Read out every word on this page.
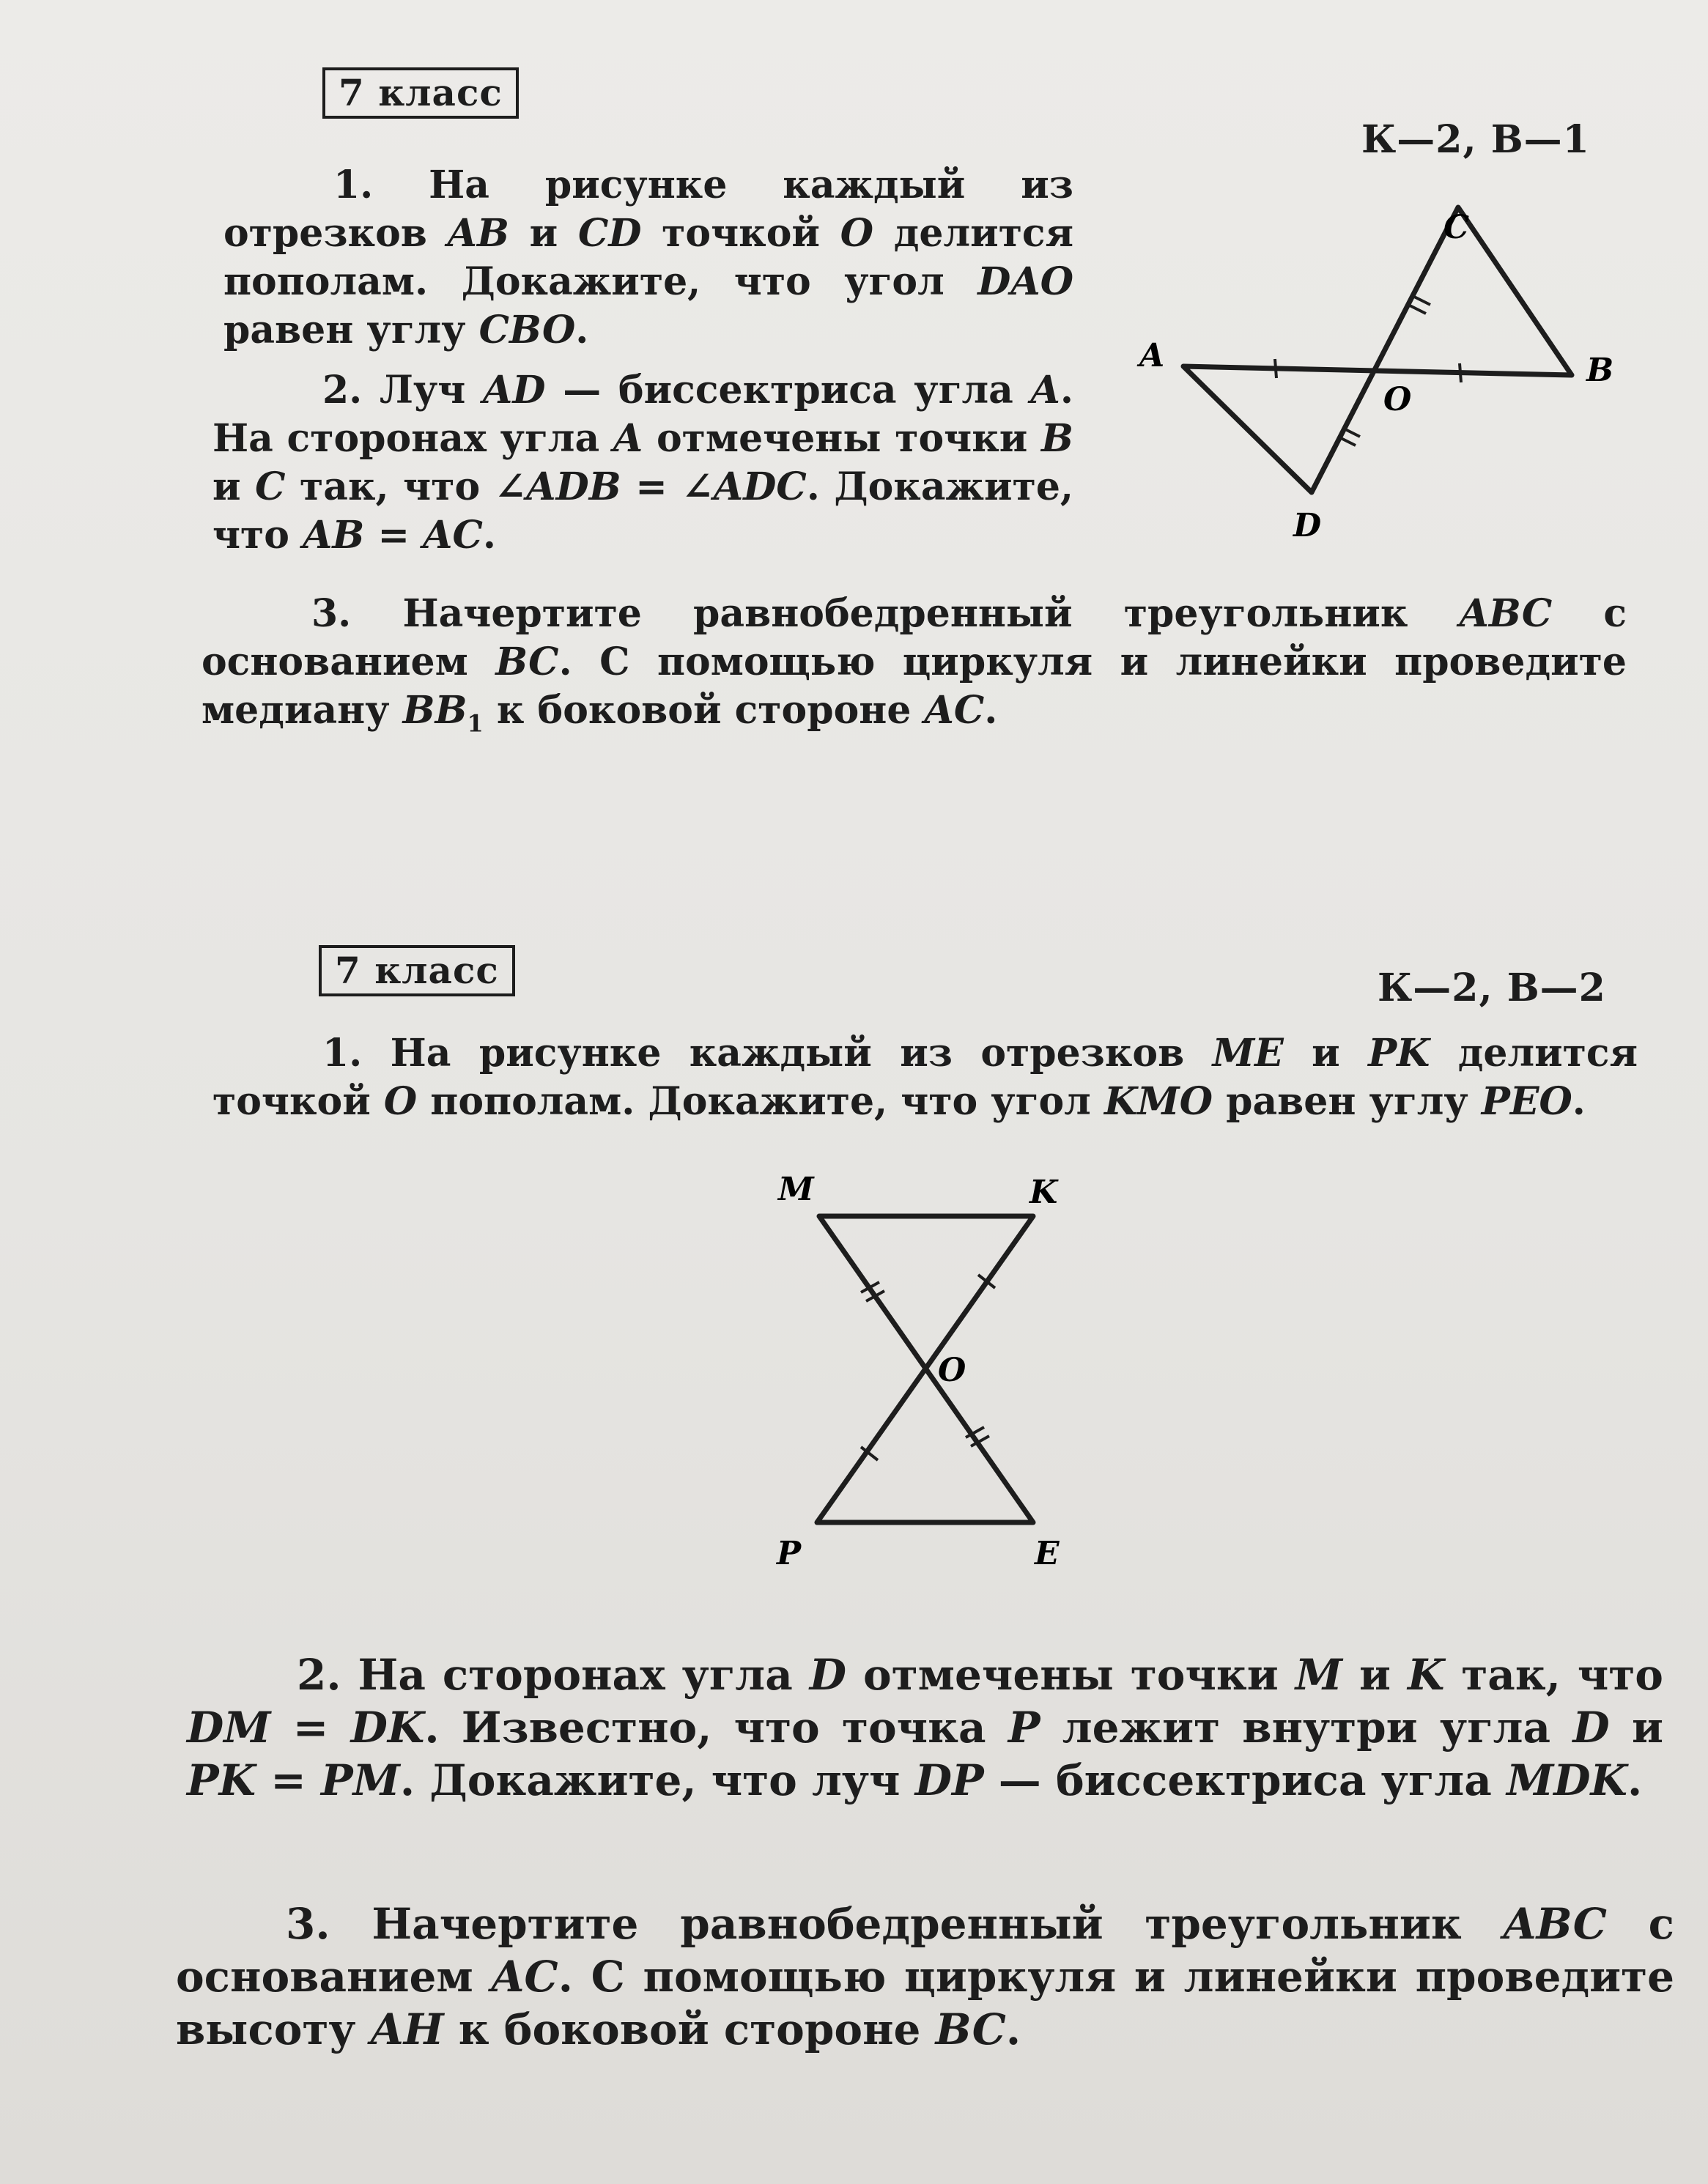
7 класс
К—2, В—1
1. На рисунке каждый из отрезков AB и CD точкой O делится пополам. Докажите, что угол DAO равен углу CBO.
2. Луч AD — биссектриса угла A. На сторонах угла A отмечены точки B и C так, что ∠ADB = ∠ADC. Докажите, что AB = AC.
3. Начертите равнобедренный треугольник ABC с основанием BC. С помощью циркуля и линейки проведите медиану $BB_1$ к боковой стороне AC.
A	B
C
D
O
7 класс	К—2, В—2
1. На рисунке каждый из отрезков ME и PK делится точкой O пополам. Докажите, что угол KMO равен углу PEO.
M	K
O
P	E
2. На сторонах угла D отмечены точки M и K так, что DM = DK. Известно, что точка P лежит внутри угла D и PK = PM. Докажите, что луч DP — биссектриса угла MDK.
3. Начертите равнобедренный треугольник ABC с основанием AC. С помощью циркуля и линейки проведите высоту AH к боковой стороне BC.
